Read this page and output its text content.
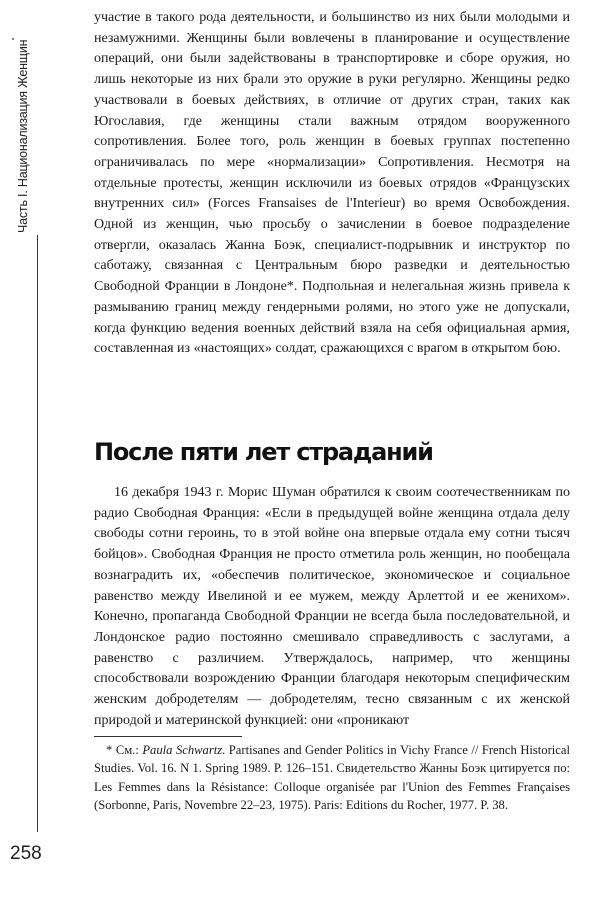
Часть I. Национализация Женщин

участие в такого рода деятельности, и большинство из них были молодыми и незамужними. Женщины были вовлечены в планирование и осуществление операций, они были задействованы в транспортировке и сборе оружия, но лишь некоторые из них брали это оружие в руки регулярно. Женщины редко участвовали в боевых действиях, в отличие от других стран, таких как Югославия, где женщины стали важным отрядом вооруженного сопротивления. Более того, роль женщин в боевых группах постепенно ограничивалась по мере «нормализации» Сопротивления. Несмотря на отдельные протесты, женщин исключили из боевых отрядов «Французских внутренних сил» (Forces Fransaises de l'Interieur) во время Освобождения. Одной из женщин, чью просьбу о зачислении в боевое подразделение отвергли, оказалась Жанна Боэк, специалист-подрывник и инструктор по саботажу, связанная с Центральным бюро разведки и деятельностью Свободной Франции в Лондоне*. Подпольная и нелегальная жизнь привела к размыванию границ между гендерными ролями, но этого уже не допускали, когда функцию ведения военных действий взяла на себя официальная армия, составленная из «настоящих» солдат, сражающихся с врагом в открытом бою.

После пяти лет страданий

16 декабря 1943 г. Морис Шуман обратился к своим соотечественникам по радио Свободная Франция: «Если в предыдущей войне женщина отдала делу свободы сотни героинь, то в этой войне она впервые отдала ему сотни тысяч бойцов». Свободная Франция не просто отметила роль женщин, но пообещала вознаградить их, «обеспечив политическое, экономическое и социальное равенство между Ивелиной и ее мужем, между Арлеттой и ее женихом». Конечно, пропаганда Свободной Франции не всегда была последовательной, и Лондонское радио постоянно смешивало справедливость с заслугами, а равенство с различием. Утверждалось, например, что женщины способствовали возрождению Франции благодаря некоторым специфическим женским добродетелям — добродетелям, тесно связанным с их женской природой и материнской функцией: они «проникают

* См.: Paula Schwartz. Partisanes and Gender Politics in Vichy France // French Historical Studies. Vol. 16. N 1. Spring 1989. P. 126–151. Свидетельство Жанны Боэк цитируется по: Les Femmes dans la Résistance: Colloque organisée par l'Union des Femmes Françaises (Sorbonne, Paris, Novembre 22–23, 1975). Paris: Editions du Rocher, 1977. P. 38.

258
